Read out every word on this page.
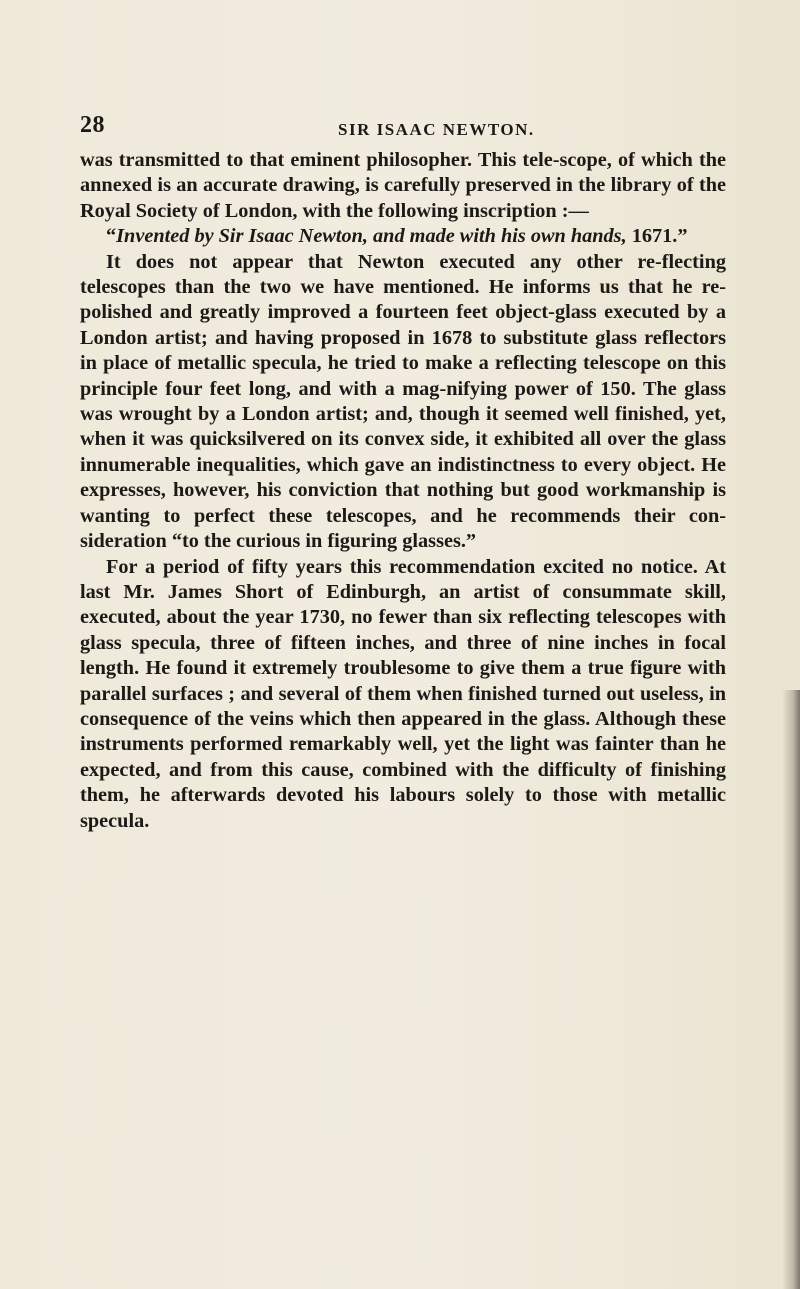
28	SIR ISAAC NEWTON.

was transmitted to that eminent philosopher. This tele-scope, of which the annexed is an accurate drawing, is carefully preserved in the library of the Royal Society of London, with the following inscription :—
“Invented by Sir Isaac Newton, and made with his own hands, 1671.”

It does not appear that Newton executed any other re-flecting telescopes than the two we have mentioned. He informs us that he re-polished and greatly improved a fourteen feet object-glass executed by a London artist; and having proposed in 1678 to substitute glass reflectors in place of metallic specula, he tried to make a reflecting telescope on this principle four feet long, and with a mag-nifying power of 150. The glass was wrought by a London artist; and, though it seemed well finished, yet, when it was quicksilvered on its convex side, it exhibited all over the glass innumerable inequalities, which gave an indistinctness to every object. He expresses, however, his conviction that nothing but good workmanship is wanting to perfect these telescopes, and he recommends their con-sideration “to the curious in figuring glasses.”

For a period of fifty years this recommendation excited no notice. At last Mr. James Short of Edinburgh, an artist of consummate skill, executed, about the year 1730, no fewer than six reflecting telescopes with glass specula, three of fifteen inches, and three of nine inches in focal length. He found it extremely troublesome to give them a true figure with parallel surfaces ; and several of them when finished turned out useless, in consequence of the veins which then appeared in the glass. Although these instruments performed remarkably well, yet the light was fainter than he expected, and from this cause, combined with the difficulty of finishing them, he afterwards devoted his labours solely to those with metallic specula.
